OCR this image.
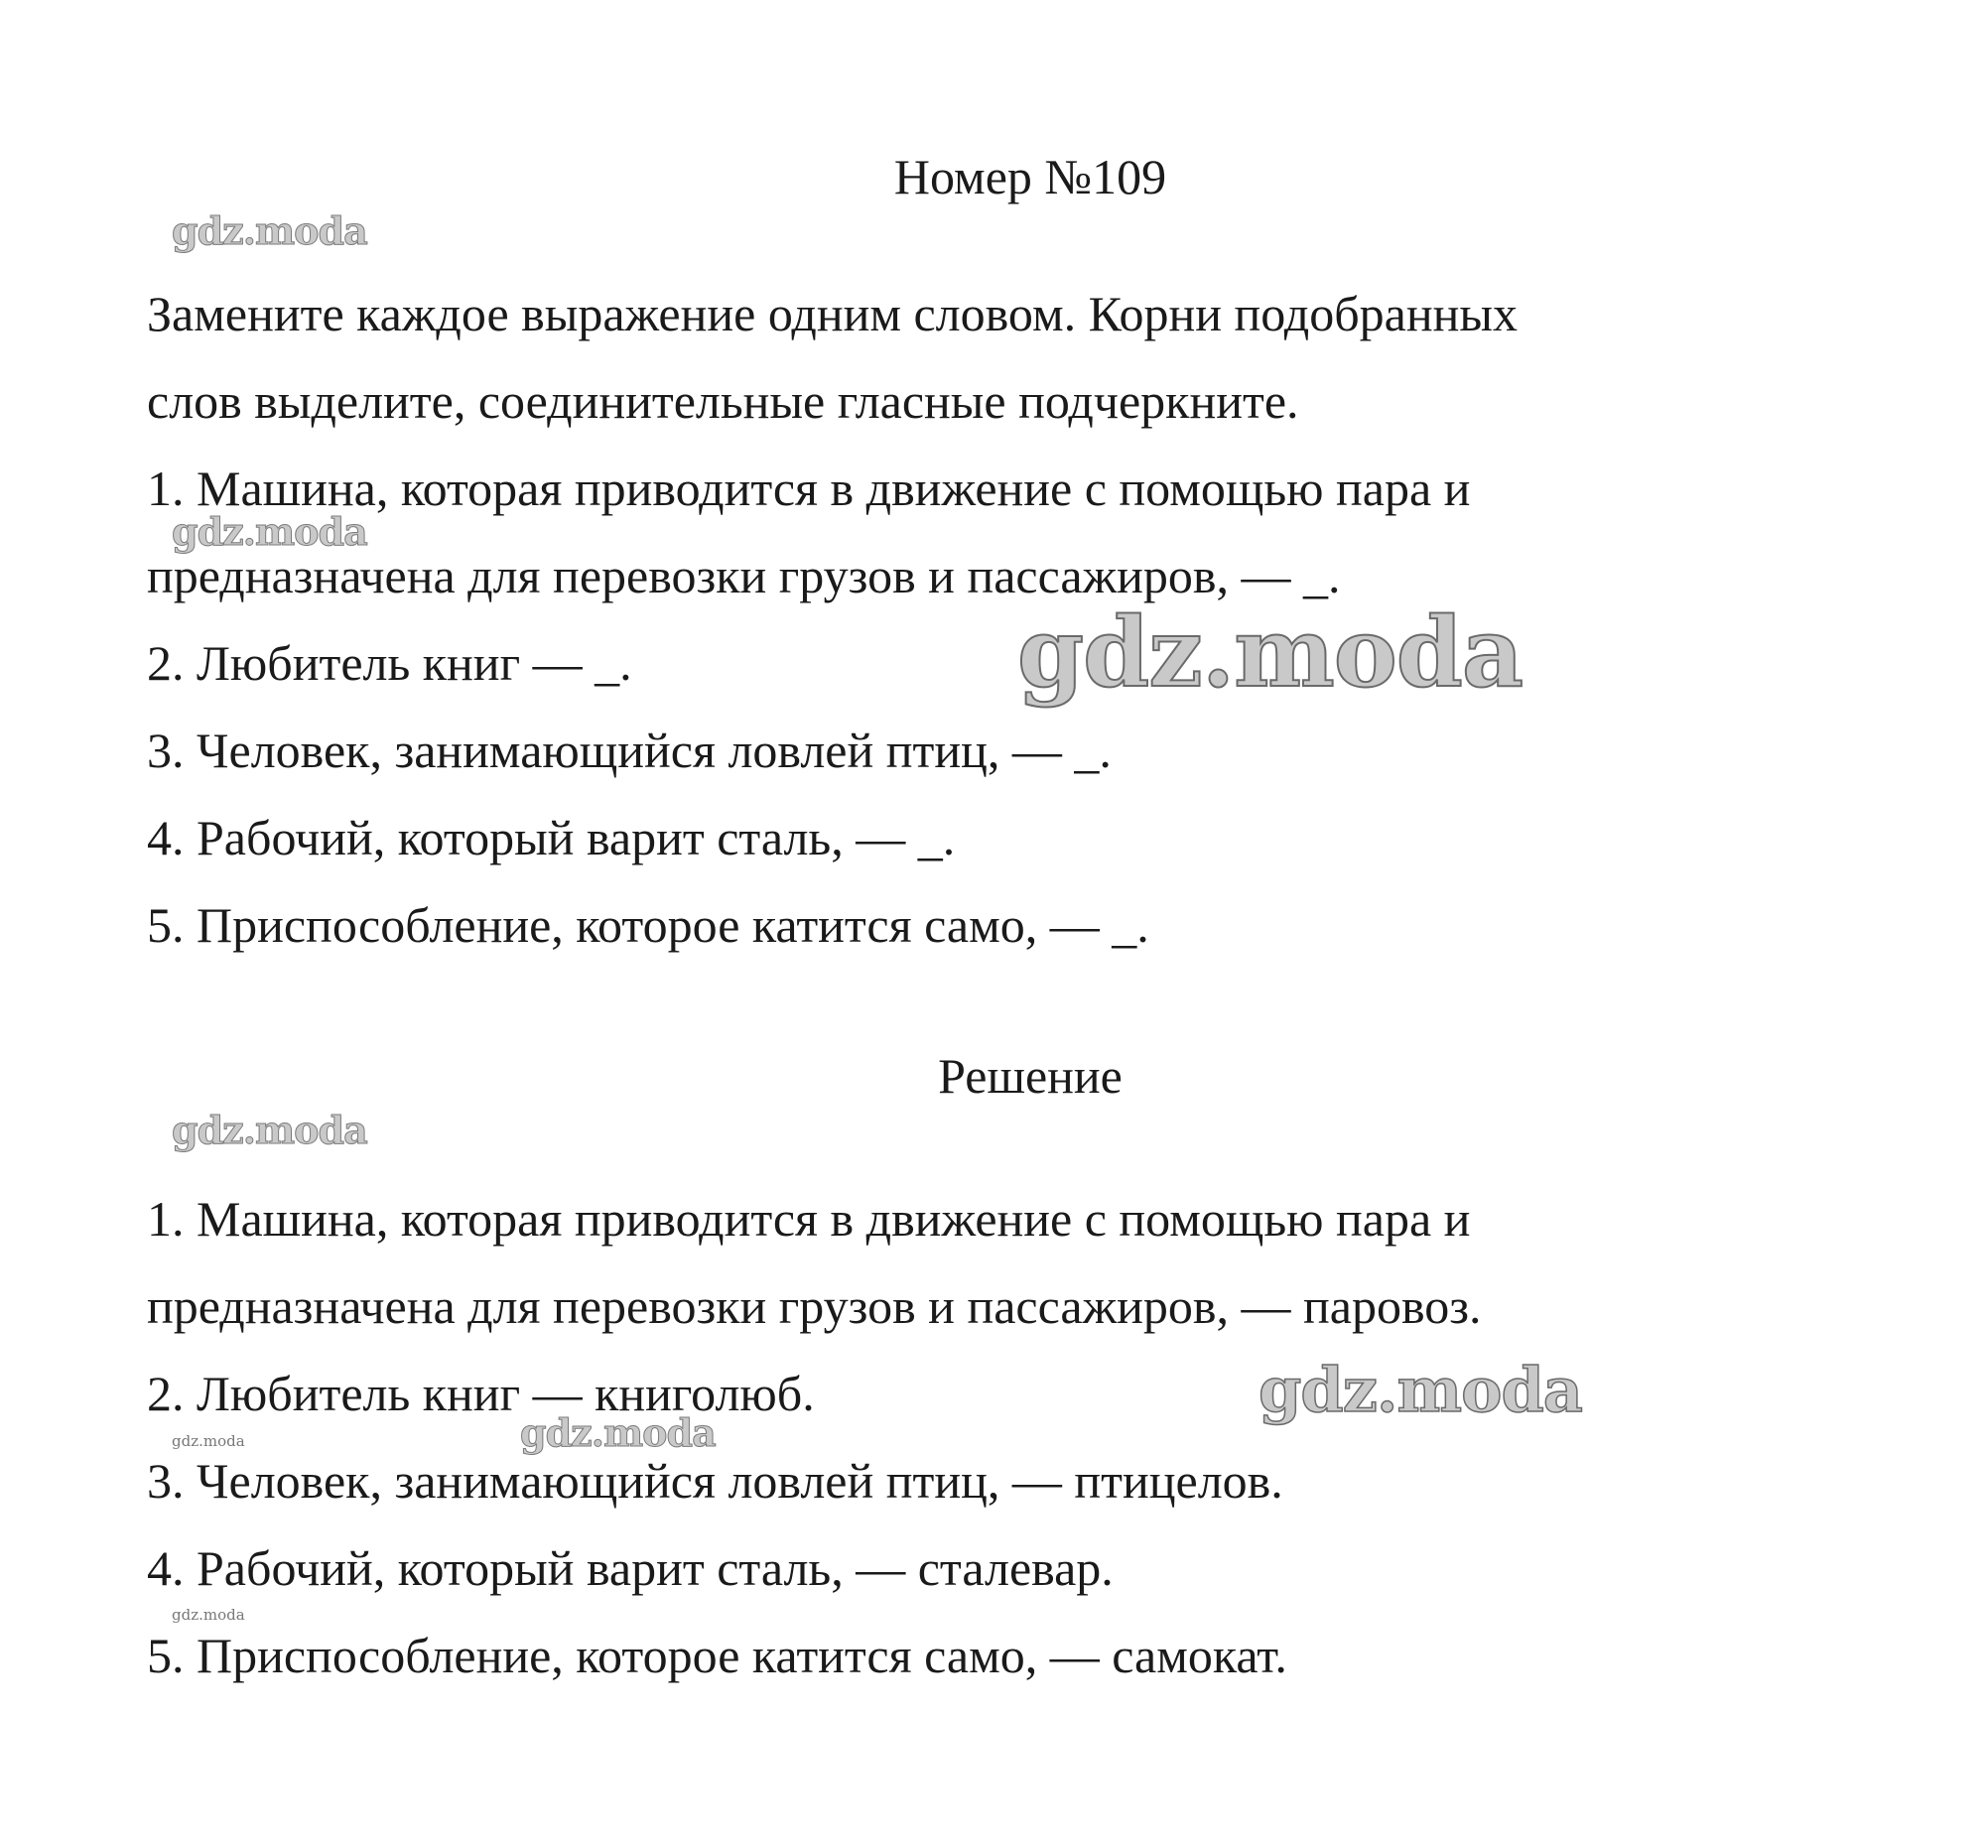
Номер №109
Замените каждое выражение одним словом. Корни подобранных
слов выделите, соединительные гласные подчеркните.
1. Машина, которая приводится в движение с помощью пара и
предназначена для перевозки грузов и пассажиров, — _.
2. Любитель книг — _.
3. Человек, занимающийся ловлей птиц, — _.
4. Рабочий, который варит сталь, — _.
5. Приспособление, которое катится само, — _.
Решение
1. Машина, которая приводится в движение с помощью пара и
предназначена для перевозки грузов и пассажиров, — паровоз.
2. Любитель книг — книголюб.
3. Человек, занимающийся ловлей птиц, — птицелов.
4. Рабочий, который варит сталь, — сталевар.
5. Приспособление, которое катится само, — самокат.
gdz.moda
gdz.moda
gdz.moda
gdz.moda
gdz.moda
gdz.moda
gdz.moda
gdz.moda
